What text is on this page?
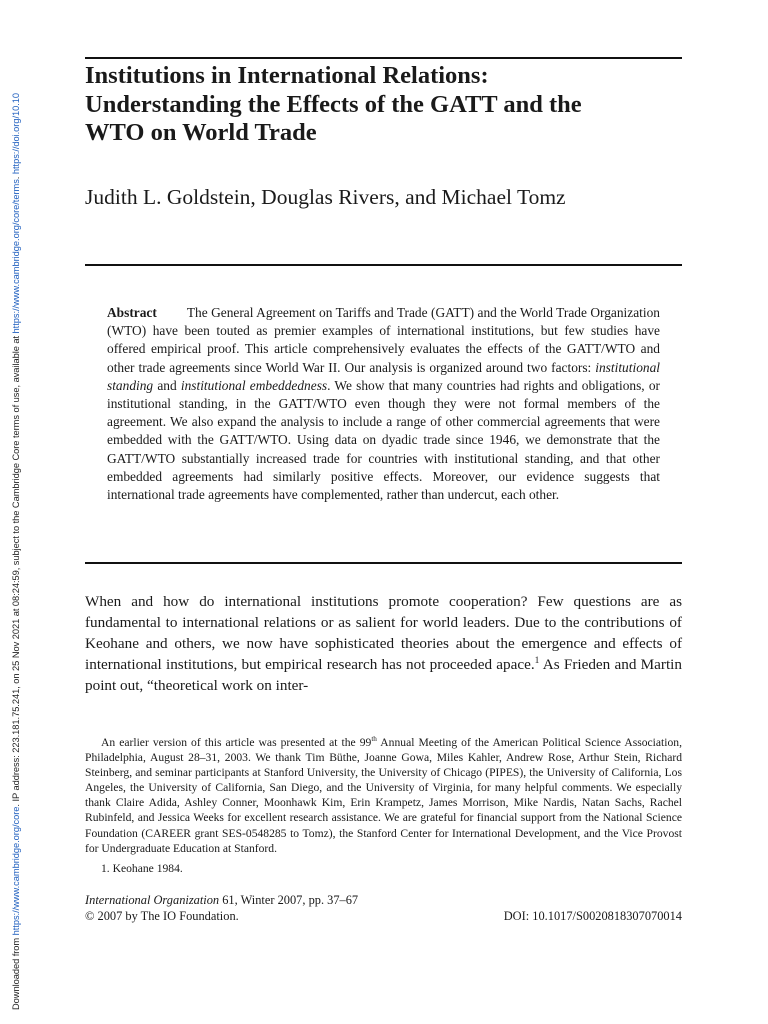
Downloaded from https://www.cambridge.org/core. IP address: 223.181.75.241, on 25 Nov 2021 at 08:24:59, subject to the Cambridge Core terms of use, available at https://www.cambridge.org/core/terms. https://doi.org/10.10
Institutions in International Relations: Understanding the Effects of the GATT and the WTO on World Trade

Judith L. Goldstein, Douglas Rivers, and Michael Tomz

Abstract The General Agreement on Tariffs and Trade (GATT) and the World Trade Organization (WTO) have been touted as premier examples of international institutions, but few studies have offered empirical proof. This article comprehensively evaluates the effects of the GATT/WTO and other trade agreements since World War II. Our analysis is organized around two factors: institutional standing and institutional embeddedness. We show that many countries had rights and obligations, or institutional standing, in the GATT/WTO even though they were not formal members of the agreement. We also expand the analysis to include a range of other commercial agreements that were embedded with the GATT/WTO. Using data on dyadic trade since 1946, we demonstrate that the GATT/WTO substantially increased trade for countries with institutional standing, and that other embedded agreements had similarly positive effects. Moreover, our evidence suggests that international trade agreements have complemented, rather than undercut, each other.

When and how do international institutions promote cooperation? Few questions are as fundamental to international relations or as salient for world leaders. Due to the contributions of Keohane and others, we now have sophisticated theories about the emergence and effects of international institutions, but empirical research has not proceeded apace.$^1$ As Frieden and Martin point out, “theoretical work on inter-

An earlier version of this article was presented at the 99th Annual Meeting of the American Political Science Association, Philadelphia, August 28–31, 2003. We thank Tim Büthe, Joanne Gowa, Miles Kahler, Andrew Rose, Arthur Stein, Richard Steinberg, and seminar participants at Stanford University, the University of Chicago (PIPES), the University of California, Los Angeles, the University of California, San Diego, and the University of Virginia, for many helpful comments. We especially thank Claire Adida, Ashley Conner, Moonhawk Kim, Erin Krampetz, James Morrison, Mike Nardis, Natan Sachs, Rachel Rubinfeld, and Jessica Weeks for excellent research assistance. We are grateful for financial support from the National Science Foundation (CAREER grant SES-0548285 to Tomz), the Stanford Center for International Development, and the Vice Provost for Undergraduate Education at Stanford.

1. Keohane 1984.

International Organization 61, Winter 2007, pp. 37–67

© 2007 by The IO Foundation.	DOI: 10.1017/S0020818307070014
